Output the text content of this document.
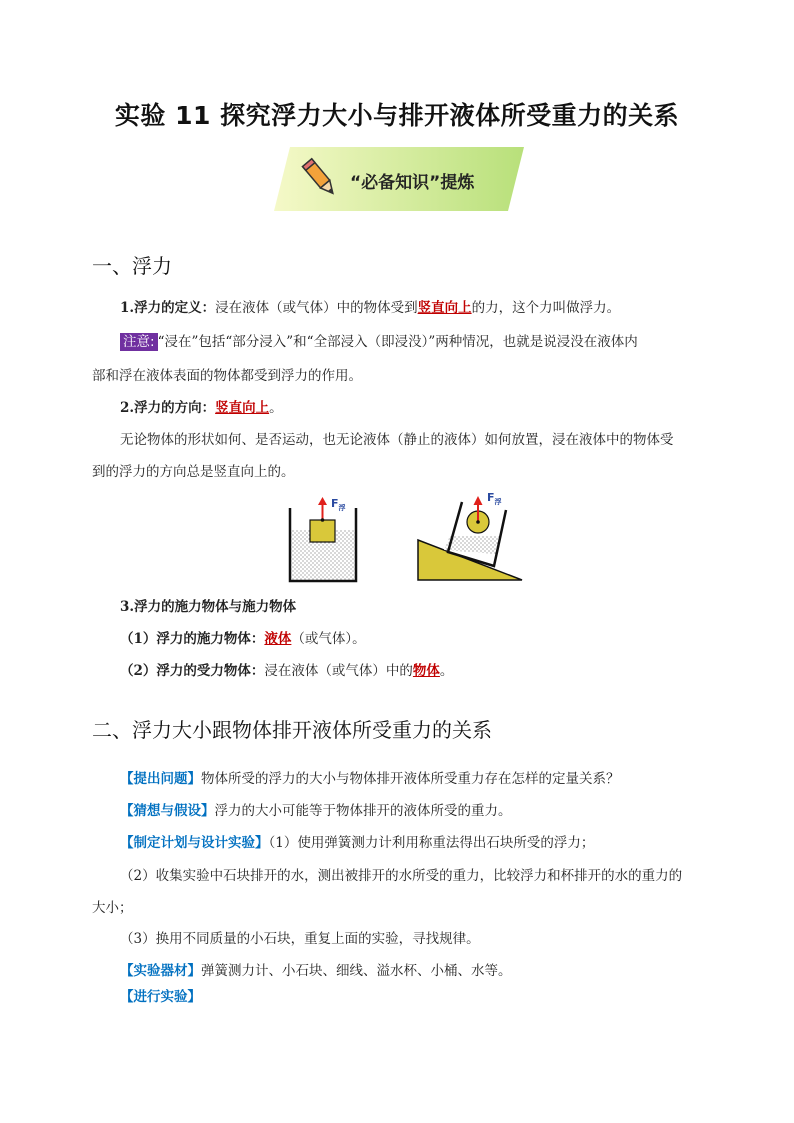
实验 11 探究浮力大小与排开液体所受重力的关系
“必备知识”提炼
一、浮力
1.浮力的定义：浸在液体（或气体）中的物体受到竖直向上的力，这个力叫做浮力。
注意: “浸在”包括“部分浸入”和“全部浸入（即浸没）”两种情况，也就是说浸没在液体内
部和浮在液体表面的物体都受到浮力的作用。
2.浮力的方向：竖直向上。
无论物体的形状如何、是否运动，也无论液体（静止的液体）如何放置，浸在液体中的物体受
到的浮力的方向总是竖直向上的。
$F_浮$
$F_浮$
3.浮力的施力物体与施力物体
（1）浮力的施力物体：液体（或气体）。
（2）浮力的受力物体：浸在液体（或气体）中的物体。
二、浮力大小跟物体排开液体所受重力的关系
【提出问题】物体所受的浮力的大小与物体排开液体所受重力存在怎样的定量关系？
【猜想与假设】浮力的大小可能等于物体排开的液体所受的重力。
【制定计划与设计实验】（1）使用弹簧测力计利用称重法得出石块所受的浮力；
（2）收集实验中石块排开的水，测出被排开的水所受的重力，比较浮力和杯排开的水的重力的
大小；
（3）换用不同质量的小石块，重复上面的实验，寻找规律。
【实验器材】弹簧测力计、小石块、细线、溢水杯、小桶、水等。
【进行实验】
